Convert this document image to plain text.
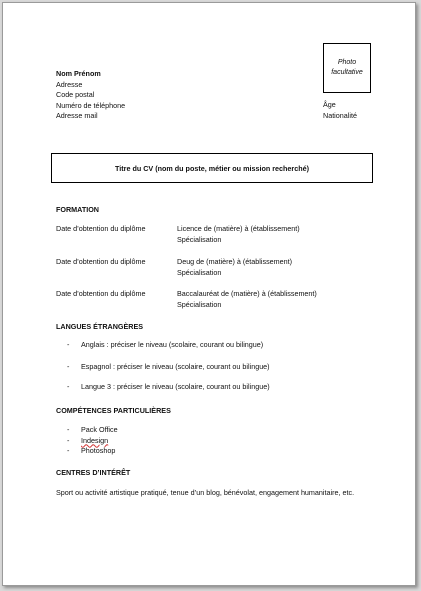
Nom Prénom
Adresse
Code postal
Numéro de téléphone
Adresse mail
Photo
facultative
Âge
Nationalité
Titre du CV (nom du poste, métier ou mission recherché)
FORMATION
Date d’obtention du diplôme	Licence de (matière) à (établissement)
Spécialisation
Date d’obtention du diplôme	Deug de (matière) à (établissement)
Spécialisation
Date d’obtention du diplôme	Baccalauréat de (matière) à (établissement)
Spécialisation
LANGUES ÉTRANGÈRES
-	Anglais : préciser le niveau (scolaire, courant ou bilingue)
-	Espagnol : préciser le niveau (scolaire, courant ou bilingue)
-	Langue 3 : préciser le niveau (scolaire, courant ou bilingue)
COMPÉTENCES PARTICULIÈRES
-	Pack Office
-	Indesign
-	Photoshop
CENTRES D’INTÉRÊT
Sport ou activité artistique pratiqué, tenue d’un blog, bénévolat, engagement humanitaire, etc.
